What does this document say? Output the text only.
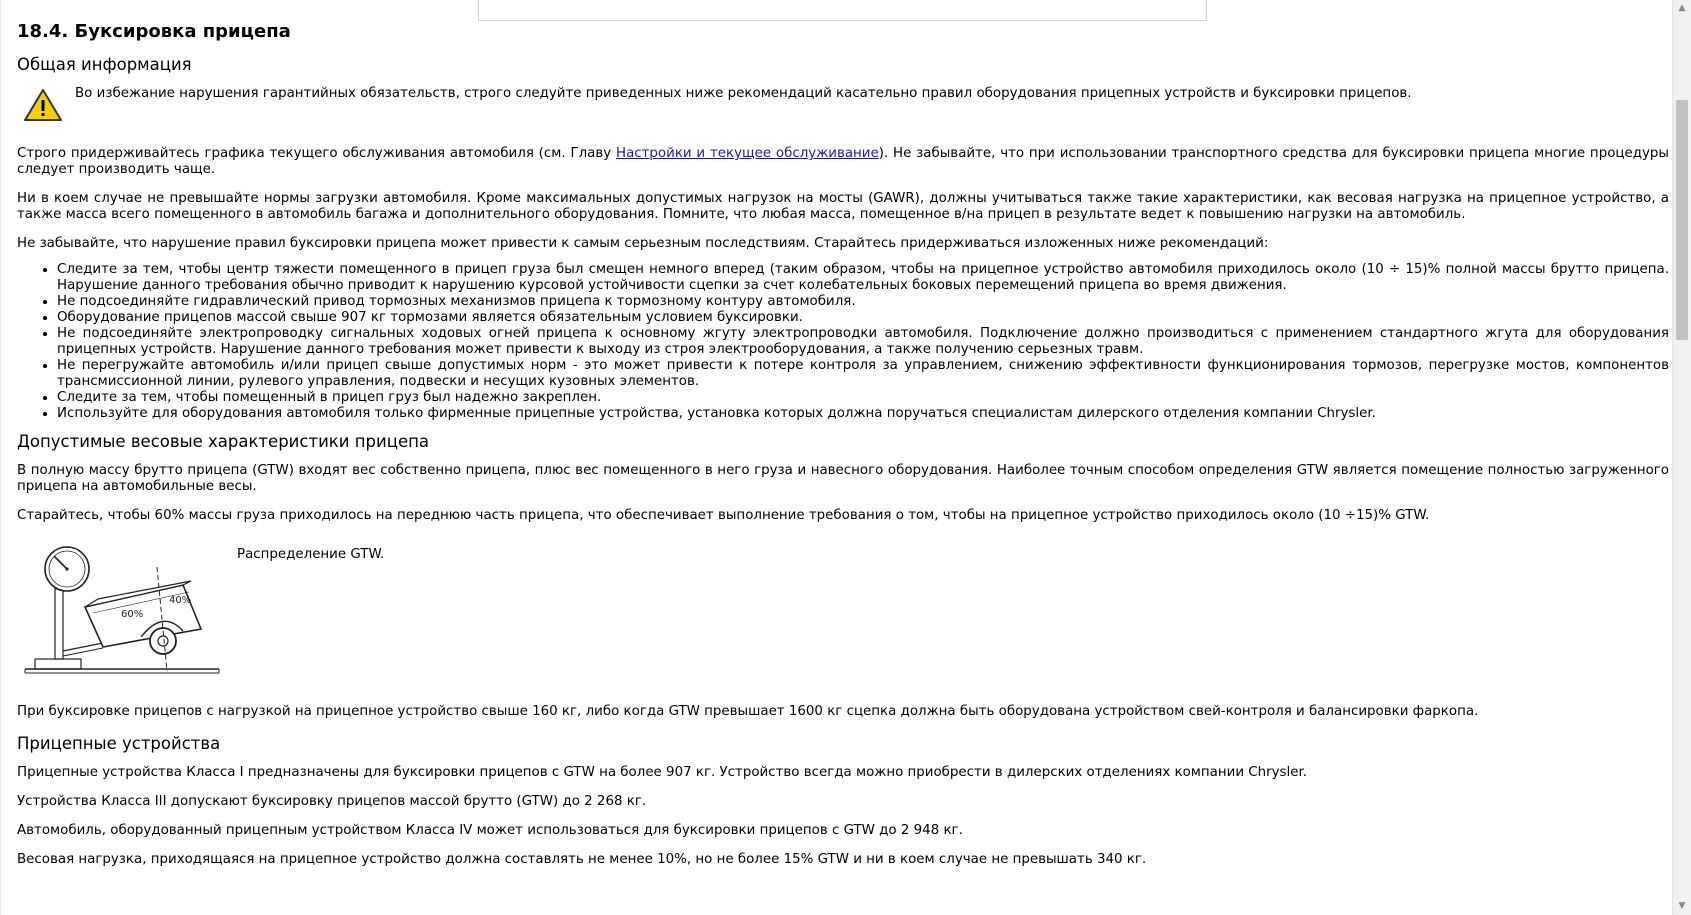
18.4. Буксировка прицепа
Общая информация
Во избежание нарушения гарантийных обязательств, строго следуйте приведенных ниже рекомендаций касательно правил оборудования прицепных устройств и буксировки прицепов.

Строго придерживайтесь графика текущего обслуживания автомобиля (см. Главу Настройки и текущее обслуживание). Не забывайте, что при использовании транспортного средства для буксировки прицепа многие процедуры следует производить чаще.

Ни в коем случае не превышайте нормы загрузки автомобиля. Кроме максимальных допустимых нагрузок на мосты (GAWR), должны учитываться также такие характеристики, как весовая нагрузка на прицепное устройство, а также масса всего помещенного в автомобиль багажа и дополнительного оборудования. Помните, что любая масса, помещенное в/на прицеп в результате ведет к повышению нагрузки на автомобиль.

Не забывайте, что нарушение правил буксировки прицепа может привести к самым серьезным последствиям. Старайтесь придерживаться изложенных ниже рекомендаций:

• Следите за тем, чтобы центр тяжести помещенного в прицеп груза был смещен немного вперед (таким образом, чтобы на прицепное устройство автомобиля приходилось около (10 ÷ 15)% полной массы брутто прицепа. Нарушение данного требования обычно приводит к нарушению курсовой устойчивости сцепки за счет колебательных боковых перемещений прицепа во время движения.
• Не подсоединяйте гидравлический привод тормозных механизмов прицепа к тормозному контуру автомобиля.
• Оборудование прицепов массой свыше 907 кг тормозами является обязательным условием буксировки.
• Не подсоединяйте электропроводку сигнальных ходовых огней прицепа к основному жгуту электропроводки автомобиля. Подключение должно производиться с применением стандартного жгута для оборудования прицепных устройств. Нарушение данного требования может привести к выходу из строя электрооборудования, а также получению серьезных травм.
• Не перегружайте автомобиль и/или прицеп свыше допустимых норм - это может привести к потере контроля за управлением, снижению эффективности функционирования тормозов, перегрузке мостов, компонентов трансмиссионной линии, рулевого управления, подвески и несущих кузовных элементов.
• Следите за тем, чтобы помещенный в прицеп груз был надежно закреплен.
• Используйте для оборудования автомобиля только фирменные прицепные устройства, установка которых должна поручаться специалистам дилерского отделения компании Chrysler.
Допустимые весовые характеристики прицепа

В полную массу брутто прицепа (GTW) входят вес собственно прицепа, плюс вес помещенного в него груза и навесного оборудования. Наиболее точным способом определения GTW является помещение полностью загруженного прицепа на автомобильные весы.

Старайтесь, чтобы 60% массы груза приходилось на переднюю часть прицепа, что обеспечивает выполнение требования о том, чтобы на прицепное устройство приходилось около (10 ÷15)% GTW.

60%
40%
Распределение GTW.

При буксировке прицепов с нагрузкой на прицепное устройство свыше 160 кг, либо когда GTW превышает 1600 кг сцепка должна быть оборудована устройством свей-контроля и балансировки фаркопа.

Прицепные устройства

Прицепные устройства Класса I предназначены для буксировки прицепов с GTW на более 907 кг. Устройство всегда можно приобрести в дилерских отделениях компании Chrysler.

Устройства Класса III допускают буксировку прицепов массой брутто (GTW) до 2 268 кг.

Автомобиль, оборудованный прицепным устройством Класса IV может использоваться для буксировки прицепов с GTW до 2 948 кг.

Весовая нагрузка, приходящаяся на прицепное устройство должна составлять не менее 10%, но не более 15% GTW и ни в коем случае не превышать 340 кг.

▲
▼
